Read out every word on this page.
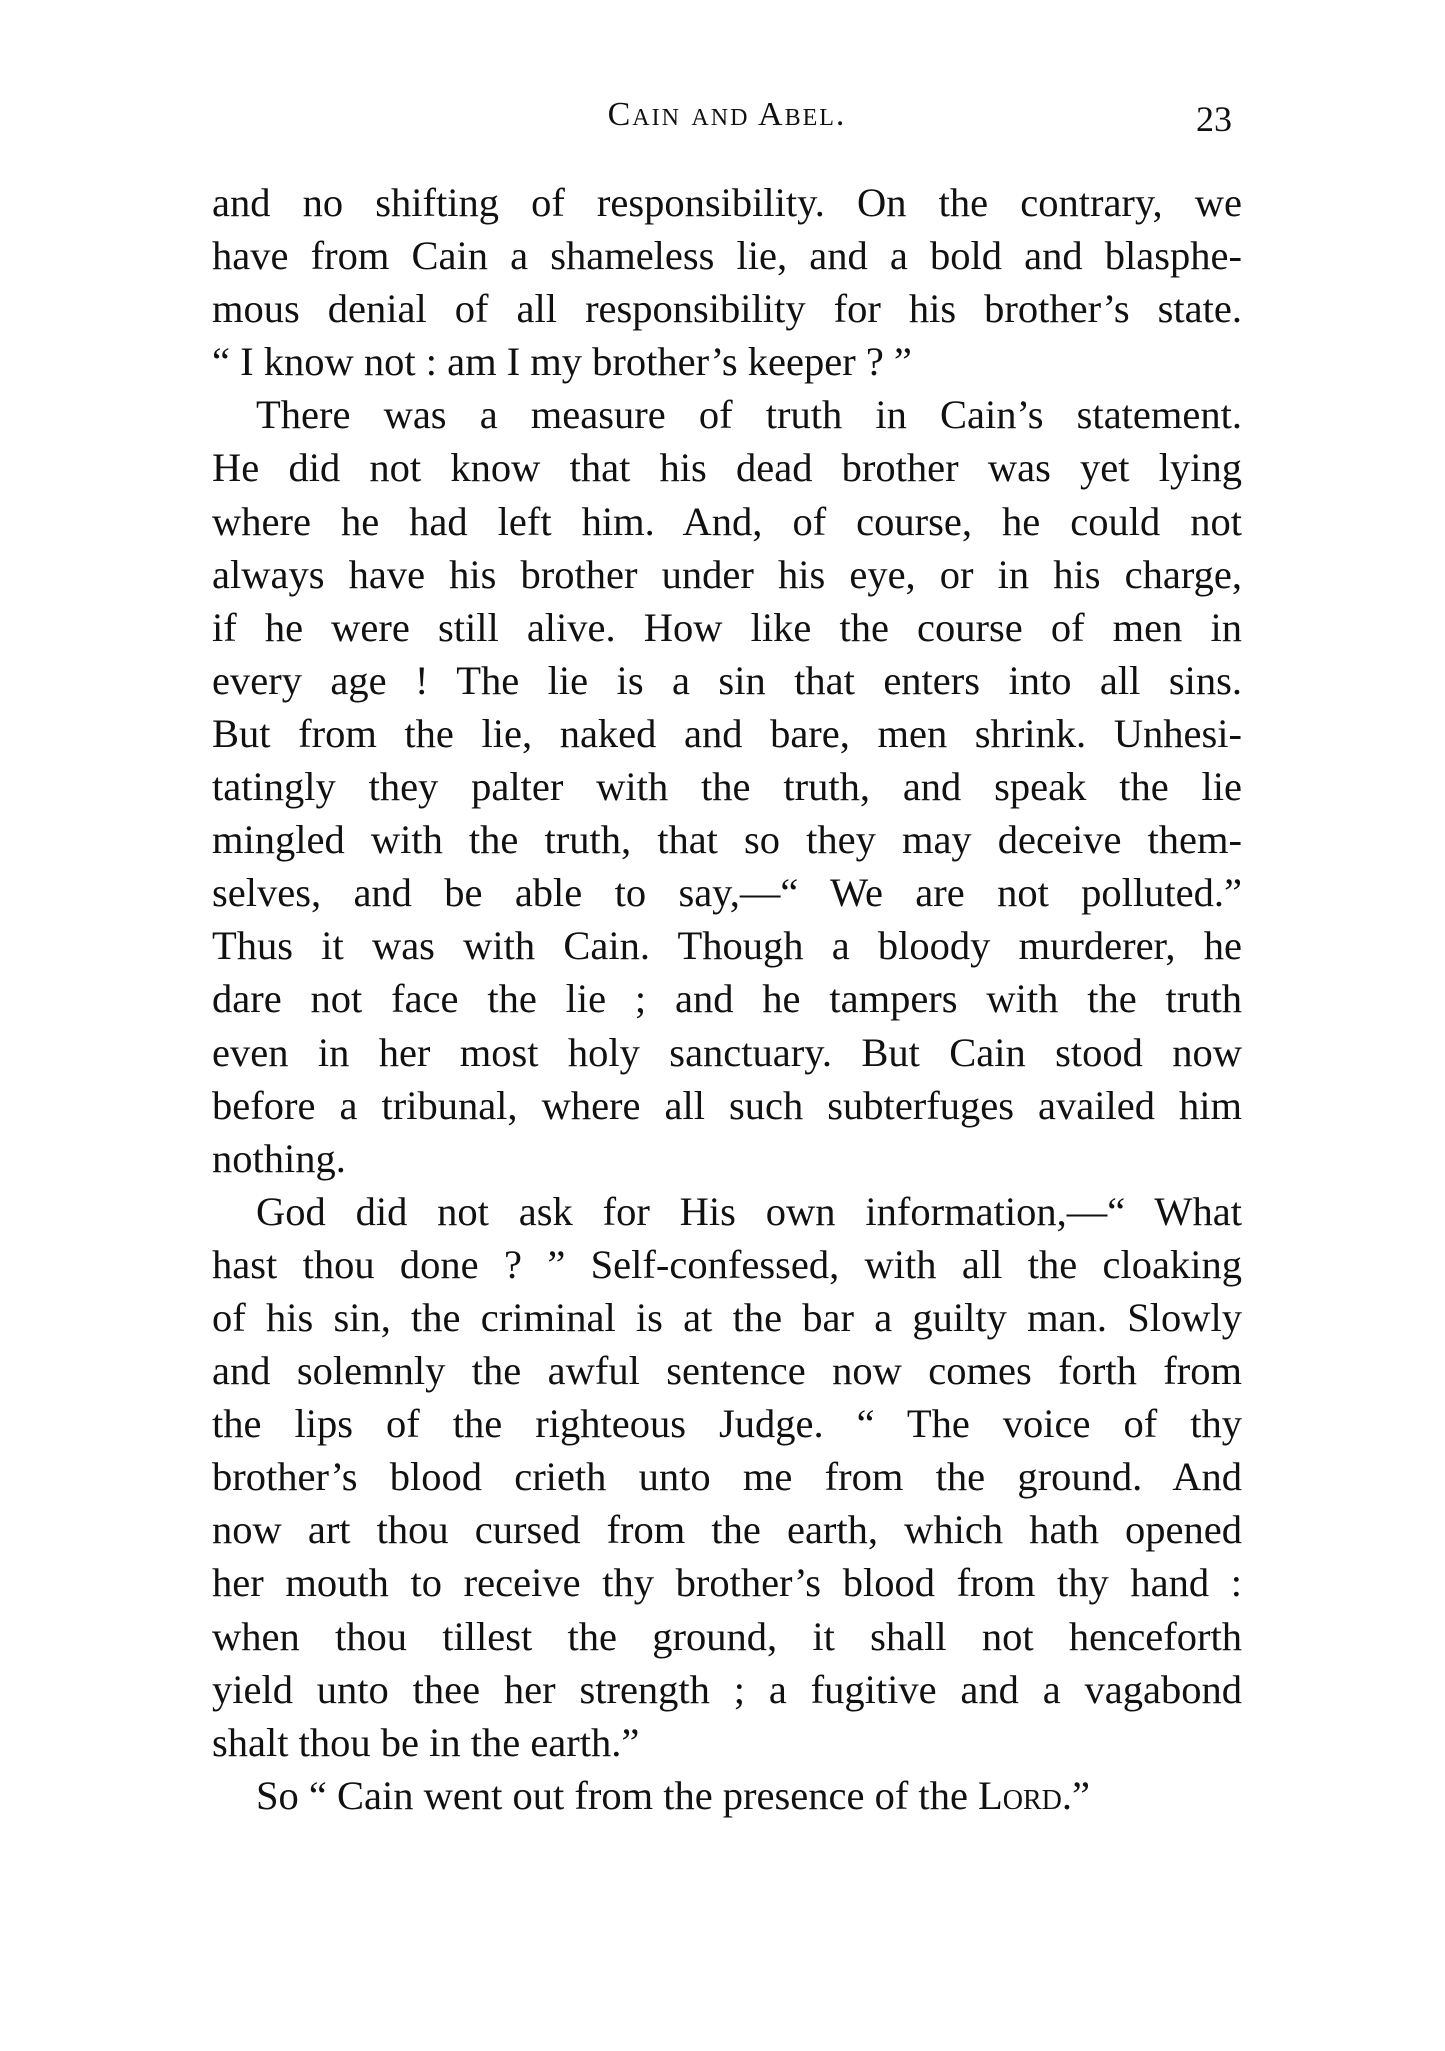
Cain and Abel.	23
and no shifting of responsibility. On the contrary, we
have from Cain a shameless lie, and a bold and blasphe-
mous denial of all responsibility for his brother’s state.
“ I know not : am I my brother’s keeper ? ”
There was a measure of truth in Cain’s statement.
He did not know that his dead brother was yet lying
where he had left him. And, of course, he could not
always have his brother under his eye, or in his charge,
if he were still alive. How like the course of men in
every age ! The lie is a sin that enters into all sins.
But from the lie, naked and bare, men shrink. Unhesi-
tatingly they palter with the truth, and speak the lie
mingled with the truth, that so they may deceive them-
selves, and be able to say,—“ We are not polluted.”
Thus it was with Cain. Though a bloody murderer, he
dare not face the lie ; and he tampers with the truth
even in her most holy sanctuary. But Cain stood now
before a tribunal, where all such subterfuges availed him
nothing.
God did not ask for His own information,—“ What
hast thou done ? ” Self-confessed, with all the cloaking
of his sin, the criminal is at the bar a guilty man. Slowly
and solemnly the awful sentence now comes forth from
the lips of the righteous Judge. “ The voice of thy
brother’s blood crieth unto me from the ground. And
now art thou cursed from the earth, which hath opened
her mouth to receive thy brother’s blood from thy hand :
when thou tillest the ground, it shall not henceforth
yield unto thee her strength ; a fugitive and a vagabond
shalt thou be in the earth.”
So “ Cain went out from the presence of the Lord.”
